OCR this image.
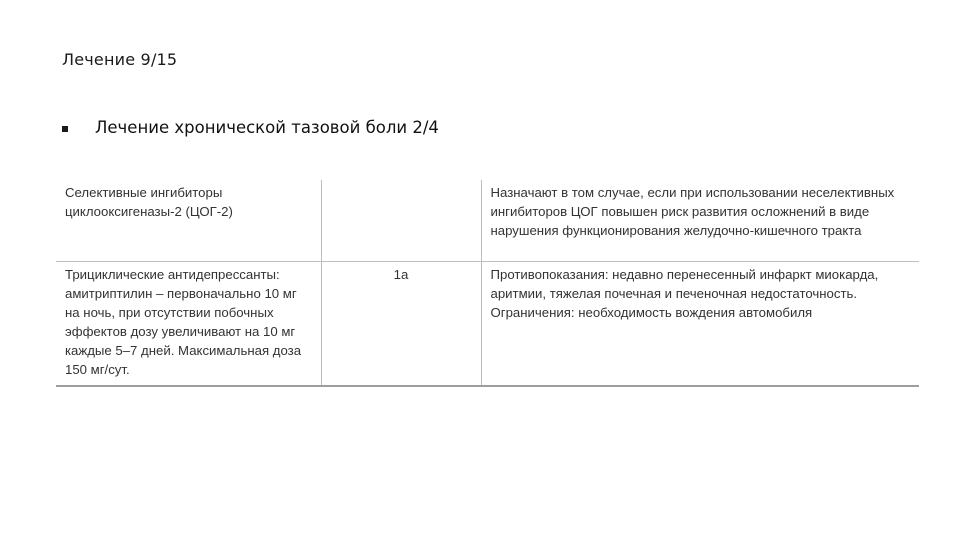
Лечение 9/15
Лечение хронической тазовой боли 2/4
Селективные ингибиторы циклооксигеназы-2 (ЦОГ-2)		Назначают в том случае, если при использовании неселективных ингибиторов ЦОГ повышен риск развития осложнений в виде нарушения функционирования желудочно-кишечного тракта
Трициклические антидепрессанты: амитриптилин – первоначально 10 мг на ночь, при отсутствии побочных эффектов дозу увеличивают на 10 мг каждые 5–7 дней. Максимальная доза 150 мг/сут.	1a	Противопоказания: недавно перенесенный инфаркт миокарда, аритмии, тяжелая почечная и печеночная недостаточность. Ограничения: необходимость вождения автомобиля
